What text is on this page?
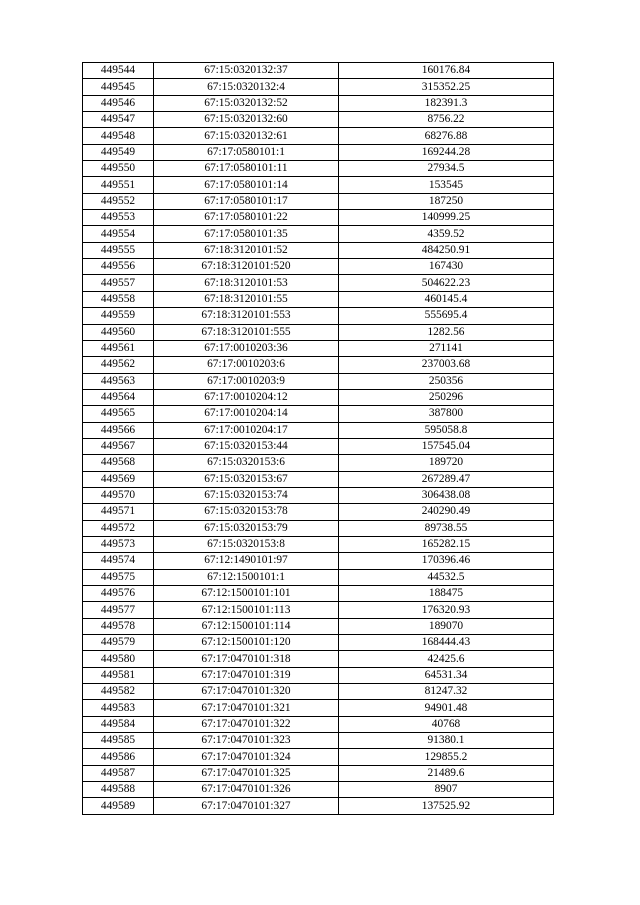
449544	67:15:0320132:37	160176.84
449545	67:15:0320132:4	315352.25
449546	67:15:0320132:52	182391.3
449547	67:15:0320132:60	8756.22
449548	67:15:0320132:61	68276.88
449549	67:17:0580101:1	169244.28
449550	67:17:0580101:11	27934.5
449551	67:17:0580101:14	153545
449552	67:17:0580101:17	187250
449553	67:17:0580101:22	140999.25
449554	67:17:0580101:35	4359.52
449555	67:18:3120101:52	484250.91
449556	67:18:3120101:520	167430
449557	67:18:3120101:53	504622.23
449558	67:18:3120101:55	460145.4
449559	67:18:3120101:553	555695.4
449560	67:18:3120101:555	1282.56
449561	67:17:0010203:36	271141
449562	67:17:0010203:6	237003.68
449563	67:17:0010203:9	250356
449564	67:17:0010204:12	250296
449565	67:17:0010204:14	387800
449566	67:17:0010204:17	595058.8
449567	67:15:0320153:44	157545.04
449568	67:15:0320153:6	189720
449569	67:15:0320153:67	267289.47
449570	67:15:0320153:74	306438.08
449571	67:15:0320153:78	240290.49
449572	67:15:0320153:79	89738.55
449573	67:15:0320153:8	165282.15
449574	67:12:1490101:97	170396.46
449575	67:12:1500101:1	44532.5
449576	67:12:1500101:101	188475
449577	67:12:1500101:113	176320.93
449578	67:12:1500101:114	189070
449579	67:12:1500101:120	168444.43
449580	67:17:0470101:318	42425.6
449581	67:17:0470101:319	64531.34
449582	67:17:0470101:320	81247.32
449583	67:17:0470101:321	94901.48
449584	67:17:0470101:322	40768
449585	67:17:0470101:323	91380.1
449586	67:17:0470101:324	129855.2
449587	67:17:0470101:325	21489.6
449588	67:17:0470101:326	8907
449589	67:17:0470101:327	137525.92
